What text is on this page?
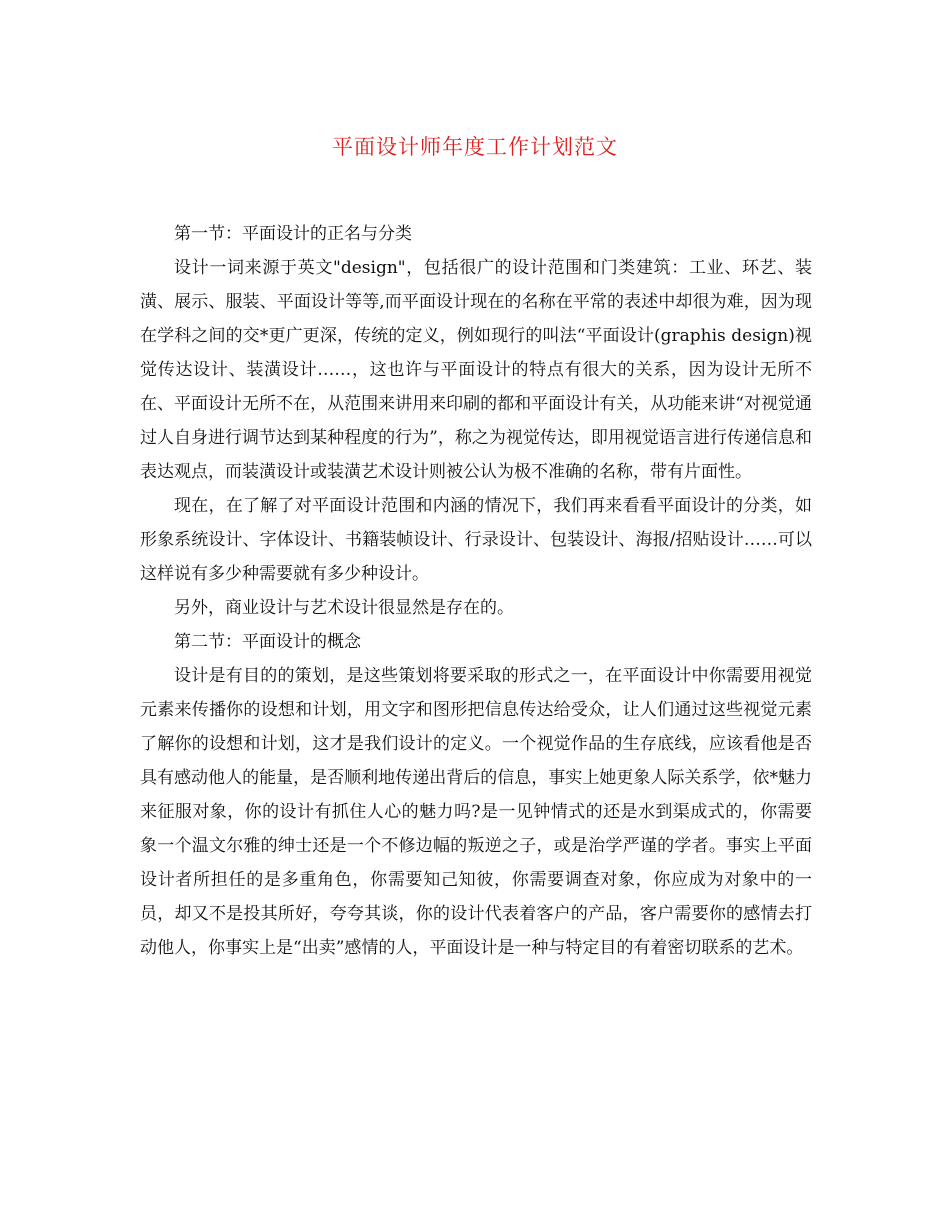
平面设计师年度工作计划范文

第一节：平面设计的正名与分类

设计一词来源于英文"design"，包括很广的设计范围和门类建筑：工业、环艺、装潢、展示、服装、平面设计等等,而平面设计现在的名称在平常的表述中却很为难，因为现在学科之间的交*更广更深，传统的定义，例如现行的叫法“平面设计(graphis design)视觉传达设计、装潢设计……，这也许与平面设计的特点有很大的关系，因为设计无所不在、平面设计无所不在，从范围来讲用来印刷的都和平面设计有关，从功能来讲“对视觉通过人自身进行调节达到某种程度的行为”，称之为视觉传达，即用视觉语言进行传递信息和表达观点，而装潢设计或装潢艺术设计则被公认为极不准确的名称，带有片面性。

现在，在了解了对平面设计范围和内涵的情况下，我们再来看看平面设计的分类，如形象系统设计、字体设计、书籍装帧设计、行录设计、包装设计、海报/招贴设计……可以这样说有多少种需要就有多少种设计。

另外，商业设计与艺术设计很显然是存在的。

第二节：平面设计的概念

设计是有目的的策划，是这些策划将要采取的形式之一，在平面设计中你需要用视觉元素来传播你的设想和计划，用文字和图形把信息传达给受众，让人们通过这些视觉元素了解你的设想和计划，这才是我们设计的定义。一个视觉作品的生存底线，应该看他是否具有感动他人的能量，是否顺利地传递出背后的信息，事实上她更象人际关系学，依*魅力来征服对象，你的设计有抓住人心的魅力吗?是一见钟情式的还是水到渠成式的，你需要象一个温文尔雅的绅士还是一个不修边幅的叛逆之子，或是治学严谨的学者。事实上平面设计者所担任的是多重角色，你需要知己知彼，你需要调查对象，你应成为对象中的一员，却又不是投其所好，夸夸其谈，你的设计代表着客户的产品，客户需要你的感情去打动他人，你事实上是“出卖”感情的人，平面设计是一种与特定目的有着密切联系的艺术。
